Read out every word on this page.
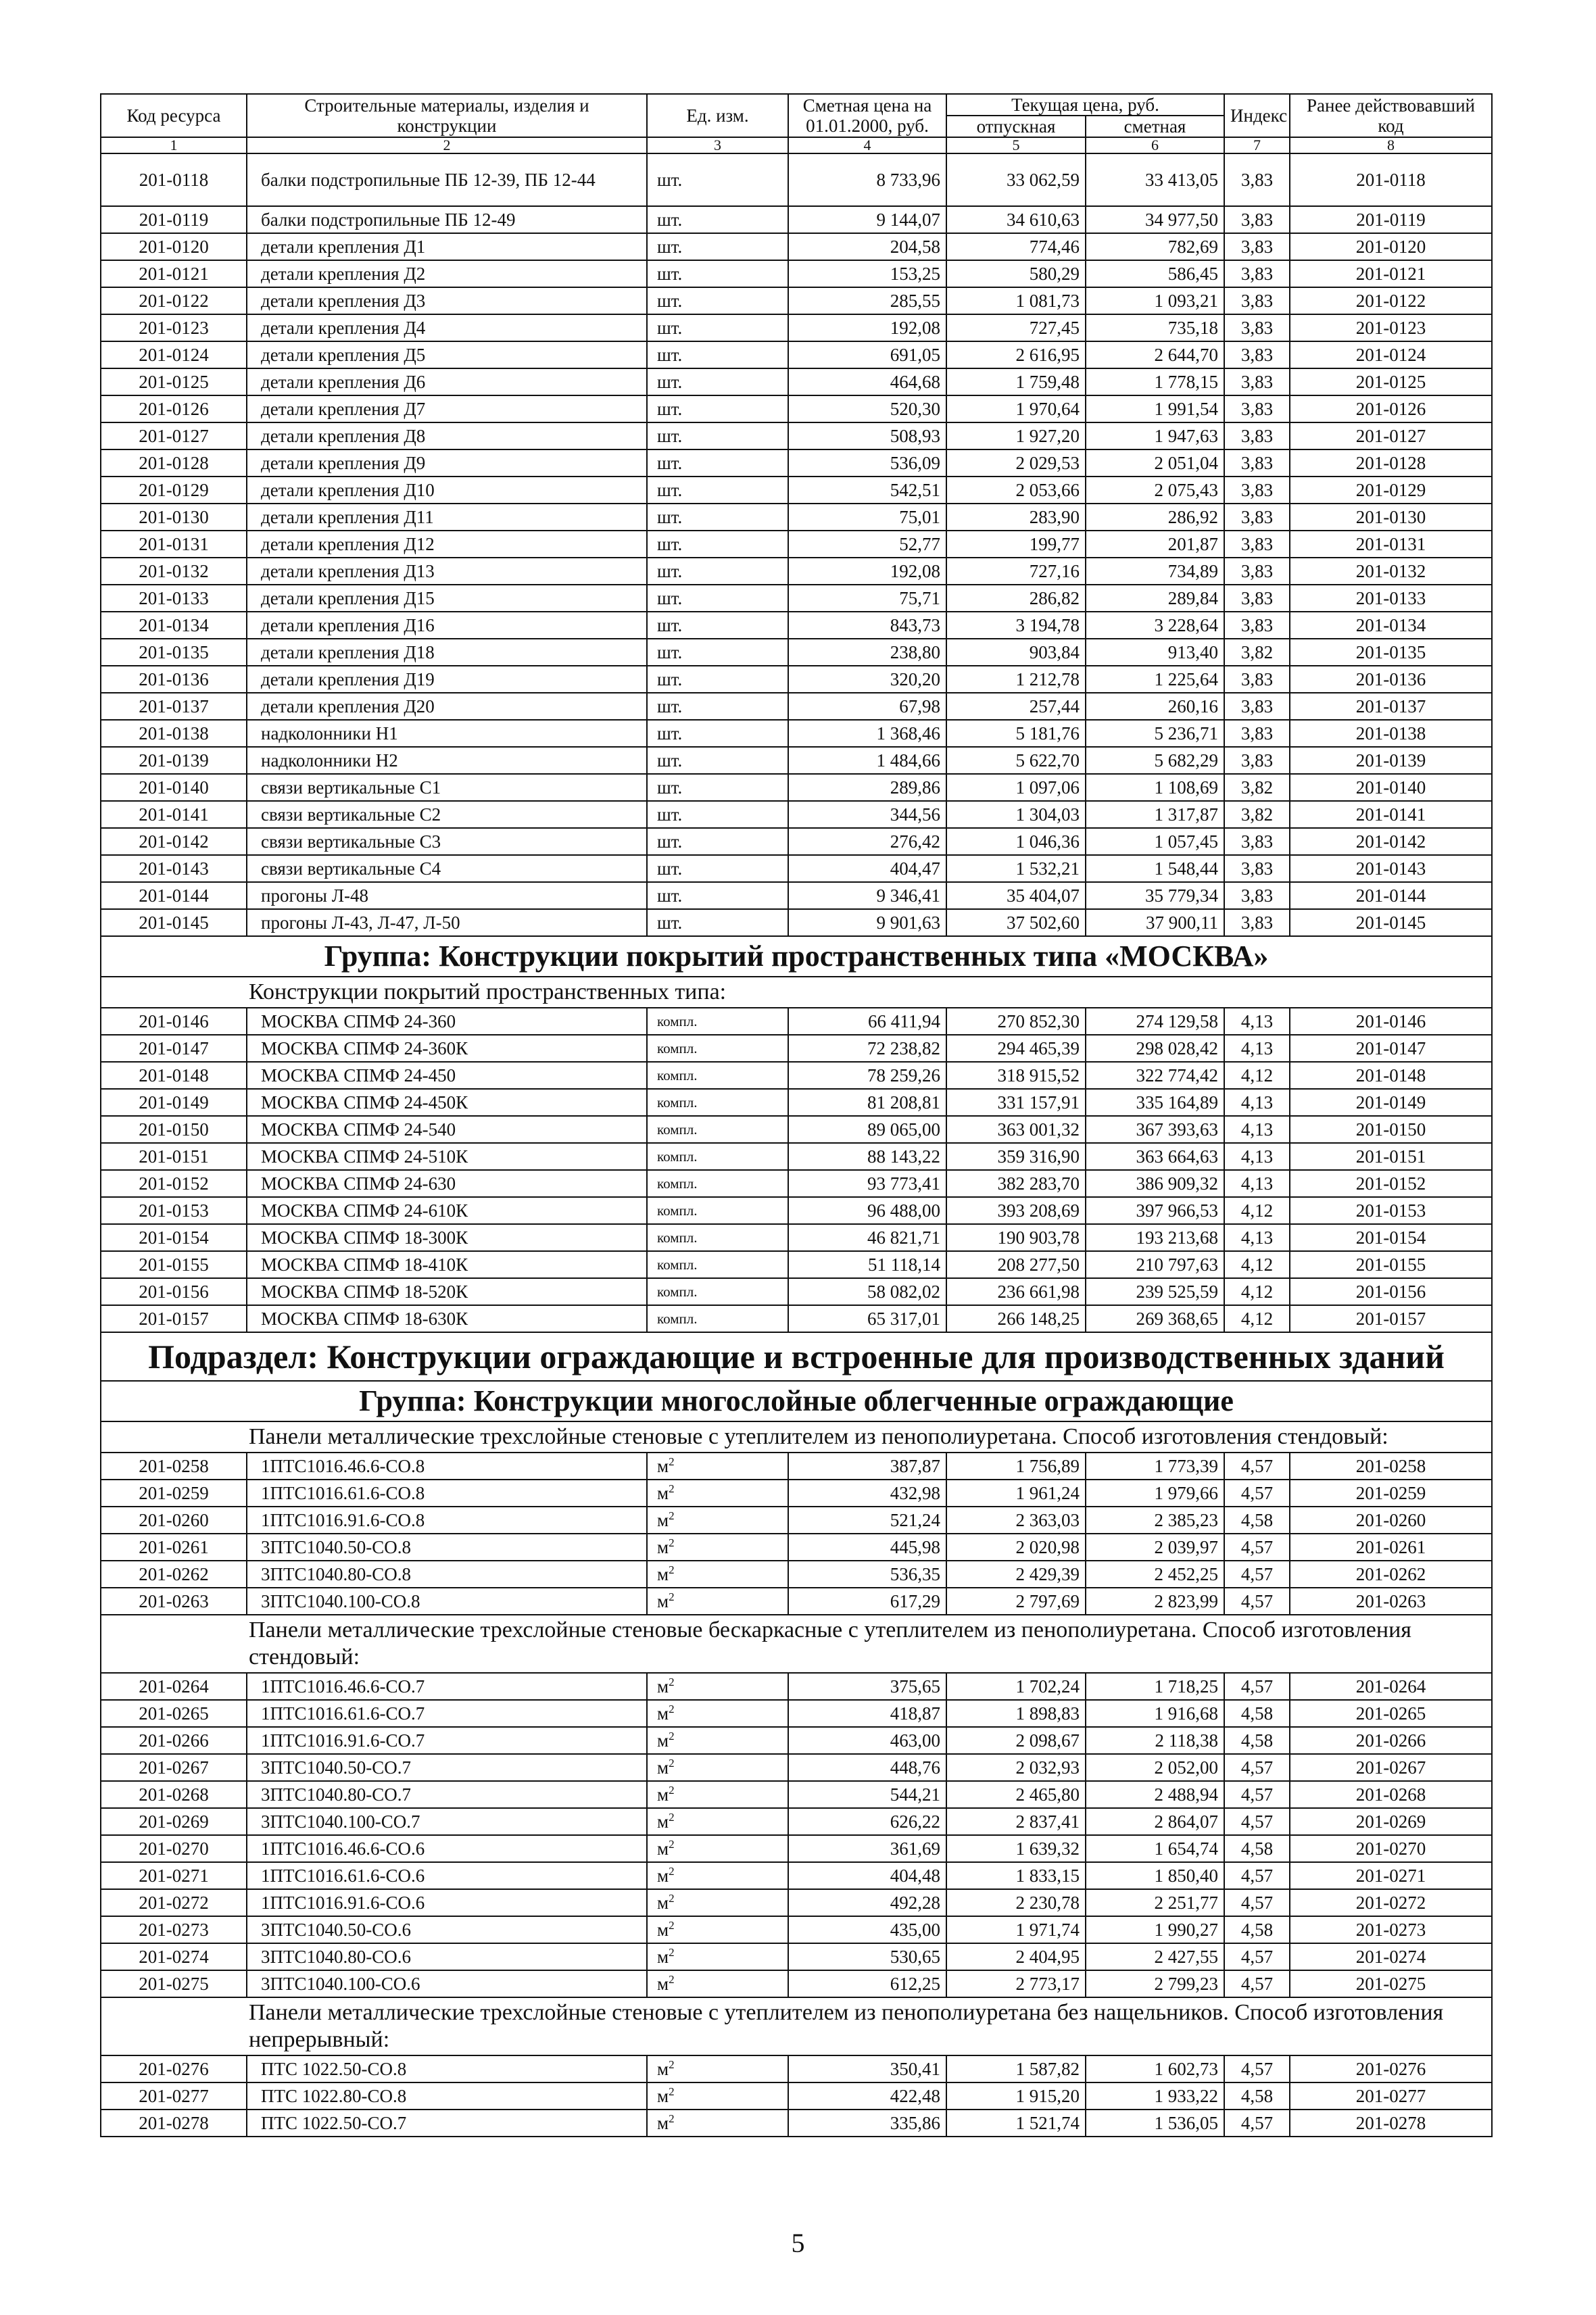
Код ресурса	Строительные материалы, изделия и конструкции	Ед. изм.	Сметная цена на 01.01.2000, руб.	Текущая цена, руб.		Индекс	Ранее действовавший код
				отпускная	сметная		
1	2	3	4	5	6	7	8
201-0118	балки подстропильные ПБ 12-39, ПБ 12-44	шт.	8 733,96	33 062,59	33 413,05	3,83	201-0118
201-0119	балки подстропильные ПБ 12-49	шт.	9 144,07	34 610,63	34 977,50	3,83	201-0119
201-0120	детали крепления Д1	шт.	204,58	774,46	782,69	3,83	201-0120
201-0121	детали крепления Д2	шт.	153,25	580,29	586,45	3,83	201-0121
201-0122	детали крепления Д3	шт.	285,55	1 081,73	1 093,21	3,83	201-0122
201-0123	детали крепления Д4	шт.	192,08	727,45	735,18	3,83	201-0123
201-0124	детали крепления Д5	шт.	691,05	2 616,95	2 644,70	3,83	201-0124
201-0125	детали крепления Д6	шт.	464,68	1 759,48	1 778,15	3,83	201-0125
201-0126	детали крепления Д7	шт.	520,30	1 970,64	1 991,54	3,83	201-0126
201-0127	детали крепления Д8	шт.	508,93	1 927,20	1 947,63	3,83	201-0127
201-0128	детали крепления Д9	шт.	536,09	2 029,53	2 051,04	3,83	201-0128
201-0129	детали крепления Д10	шт.	542,51	2 053,66	2 075,43	3,83	201-0129
201-0130	детали крепления Д11	шт.	75,01	283,90	286,92	3,83	201-0130
201-0131	детали крепления Д12	шт.	52,77	199,77	201,87	3,83	201-0131
201-0132	детали крепления Д13	шт.	192,08	727,16	734,89	3,83	201-0132
201-0133	детали крепления Д15	шт.	75,71	286,82	289,84	3,83	201-0133
201-0134	детали крепления Д16	шт.	843,73	3 194,78	3 228,64	3,83	201-0134
201-0135	детали крепления Д18	шт.	238,80	903,84	913,40	3,82	201-0135
201-0136	детали крепления Д19	шт.	320,20	1 212,78	1 225,64	3,83	201-0136
201-0137	детали крепления Д20	шт.	67,98	257,44	260,16	3,83	201-0137
201-0138	надколонники Н1	шт.	1 368,46	5 181,76	5 236,71	3,83	201-0138
201-0139	надколонники Н2	шт.	1 484,66	5 622,70	5 682,29	3,83	201-0139
201-0140	связи вертикальные С1	шт.	289,86	1 097,06	1 108,69	3,82	201-0140
201-0141	связи вертикальные С2	шт.	344,56	1 304,03	1 317,87	3,82	201-0141
201-0142	связи вертикальные С3	шт.	276,42	1 046,36	1 057,45	3,83	201-0142
201-0143	связи вертикальные С4	шт.	404,47	1 532,21	1 548,44	3,83	201-0143
201-0144	прогоны Л-48	шт.	9 346,41	35 404,07	35 779,34	3,83	201-0144
201-0145	прогоны Л-43, Л-47, Л-50	шт.	9 901,63	37 502,60	37 900,11	3,83	201-0145
Группа: Конструкции покрытий пространственных типа «МОСКВА»							
Конструкции покрытий пространственных типа:							
201-0146	МОСКВА СПМФ 24-360	компл.	66 411,94	270 852,30	274 129,58	4,13	201-0146
201-0147	МОСКВА СПМФ 24-360К	компл.	72 238,82	294 465,39	298 028,42	4,13	201-0147
201-0148	МОСКВА СПМФ 24-450	компл.	78 259,26	318 915,52	322 774,42	4,12	201-0148
201-0149	МОСКВА СПМФ 24-450К	компл.	81 208,81	331 157,91	335 164,89	4,13	201-0149
201-0150	МОСКВА СПМФ 24-540	компл.	89 065,00	363 001,32	367 393,63	4,13	201-0150
201-0151	МОСКВА СПМФ 24-510К	компл.	88 143,22	359 316,90	363 664,63	4,13	201-0151
201-0152	МОСКВА СПМФ 24-630	компл.	93 773,41	382 283,70	386 909,32	4,13	201-0152
201-0153	МОСКВА СПМФ 24-610К	компл.	96 488,00	393 208,69	397 966,53	4,12	201-0153
201-0154	МОСКВА СПМФ 18-300К	компл.	46 821,71	190 903,78	193 213,68	4,13	201-0154
201-0155	МОСКВА СПМФ 18-410К	компл.	51 118,14	208 277,50	210 797,63	4,12	201-0155
201-0156	МОСКВА СПМФ 18-520К	компл.	58 082,02	236 661,98	239 525,59	4,12	201-0156
201-0157	МОСКВА СПМФ 18-630К	компл.	65 317,01	266 148,25	269 368,65	4,12	201-0157
Подраздел: Конструкции ограждающие и встроенные для производственных зданий							
Группа: Конструкции многослойные облегченные ограждающие							
Панели металлические трехслойные стеновые с утеплителем из пенополиуретана. Способ изготовления стендовый:							
201-0258	1ПТС1016.46.6-СО.8	$м^2$	387,87	1 756,89	1 773,39	4,57	201-0258
201-0259	1ПТС1016.61.6-СО.8	$м^2$	432,98	1 961,24	1 979,66	4,57	201-0259
201-0260	1ПТС1016.91.6-СО.8	$м^2$	521,24	2 363,03	2 385,23	4,58	201-0260
201-0261	3ПТС1040.50-СО.8	$м^2$	445,98	2 020,98	2 039,97	4,57	201-0261
201-0262	3ПТС1040.80-СО.8	$м^2$	536,35	2 429,39	2 452,25	4,57	201-0262
201-0263	3ПТС1040.100-СО.8	$м^2$	617,29	2 797,69	2 823,99	4,57	201-0263
Панели металлические трехслойные стеновые бескаркасные с утеплителем из пенополиуретана. Способ изготовления стендовый:							
201-0264	1ПТС1016.46.6-СО.7	$м^2$	375,65	1 702,24	1 718,25	4,57	201-0264
201-0265	1ПТС1016.61.6-СО.7	$м^2$	418,87	1 898,83	1 916,68	4,58	201-0265
201-0266	1ПТС1016.91.6-СО.7	$м^2$	463,00	2 098,67	2 118,38	4,58	201-0266
201-0267	3ПТС1040.50-СО.7	$м^2$	448,76	2 032,93	2 052,00	4,57	201-0267
201-0268	3ПТС1040.80-СО.7	$м^2$	544,21	2 465,80	2 488,94	4,57	201-0268
201-0269	3ПТС1040.100-СО.7	$м^2$	626,22	2 837,41	2 864,07	4,57	201-0269
201-0270	1ПТС1016.46.6-СО.6	$м^2$	361,69	1 639,32	1 654,74	4,58	201-0270
201-0271	1ПТС1016.61.6-СО.6	$м^2$	404,48	1 833,15	1 850,40	4,57	201-0271
201-0272	1ПТС1016.91.6-СО.6	$м^2$	492,28	2 230,78	2 251,77	4,57	201-0272
201-0273	3ПТС1040.50-СО.6	$м^2$	435,00	1 971,74	1 990,27	4,58	201-0273
201-0274	3ПТС1040.80-СО.6	$м^2$	530,65	2 404,95	2 427,55	4,57	201-0274
201-0275	3ПТС1040.100-СО.6	$м^2$	612,25	2 773,17	2 799,23	4,57	201-0275
Панели металлические трехслойные стеновые с утеплителем из пенополиуретана без нащельников. Способ изготовления непрерывный:							
201-0276	ПТС 1022.50-СО.8	$м^2$	350,41	1 587,82	1 602,73	4,57	201-0276
201-0277	ПТС 1022.80-СО.8	$м^2$	422,48	1 915,20	1 933,22	4,58	201-0277
201-0278	ПТС 1022.50-СО.7	$м^2$	335,86	1 521,74	1 536,05	4,57	201-0278
5
